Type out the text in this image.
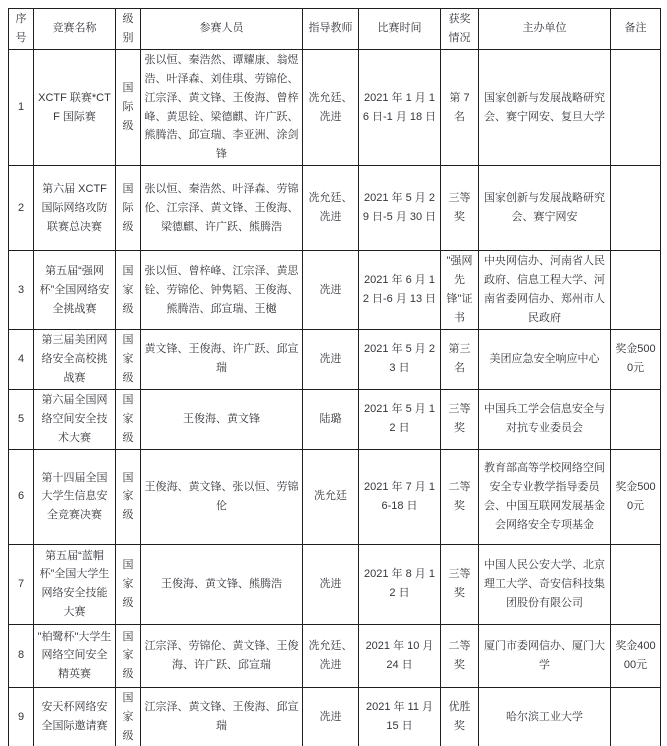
序号	竞赛名称	级别	参赛人员	指导教师	比赛时间	获奖情况	主办单位	备注
1	XCTF 联赛*CTF 国际赛	国际级	张以恒、秦浩然、谭耀康、翁煜浩、叶泽森、刘佳琪、劳锦伦、江宗泽、黄文锋、王俊海、曾梓峰、黄思铨、梁德麒、许广跃、熊腾浩、邱宣瑞、李亚洲、涂剑锋	冼允廷、冼进	2021 年 1 月 16 日-1 月 18 日	第 7 名	国家创新与发展战略研究会、赛宁网安、复旦大学	
2	第六届 XCTF 国际网络攻防联赛总决赛	国际级	张以恒、秦浩然、叶泽森、劳锦伦、江宗泽、黄文锋、王俊海、梁德麒、许广跃、熊腾浩	冼允廷、冼进	2021 年 5 月 29 日-5 月 30 日	三等奖	国家创新与发展战略研究会、赛宁网安	
3	第五届“强网杯”全国网络安全挑战赛	国家级	张以恒、曾梓峰、江宗泽、黄思铨、劳锦伦、钟隽韬、王俊海、熊腾浩、邱宣瑞、王樾	冼进	2021 年 6 月 12 日-6 月 13 日	"强网先锋"证书	中央网信办、河南省人民政府、信息工程大学、河南省委网信办、郑州市人民政府	
4	第三届美团网络安全高校挑战赛	国家级	黄文锋、王俊海、许广跃、邱宣瑞	冼进	2021 年 5 月 23 日	第三名	美团应急安全响应中心	奖金5000元
5	第六届全国网络空间安全技术大赛	国家级	王俊海、黄文锋	陆璐	2021 年 5 月 12 日	三等奖	中国兵工学会信息安全与对抗专业委员会	
6	第十四届全国大学生信息安全竞赛决赛	国家级	王俊海、黄文锋、张以恒、劳锦伦	冼允廷	2021 年 7 月 16-18 日	二等奖	教育部高等学校网络空间安全专业教学指导委员会、中国互联网发展基金会网络安全专项基金	奖金5000元
7	第五届“蓝帽杯”全国大学生网络安全技能大赛	国家级	王俊海、黄文锋、熊腾浩	冼进	2021 年 8 月 12 日	三等奖	中国人民公安大学、北京理工大学、奇安信科技集团股份有限公司	
8	"柏鹭杯"大学生网络空间安全精英赛	国家级	江宗泽、劳锦伦、黄文锋、王俊海、许广跃、邱宣瑞	冼允廷、冼进	2021 年 10 月 24 日	二等奖	厦门市委网信办、厦门大学	奖金40000元
9	安天杯网络安全国际邀请赛	国家级	江宗泽、黄文锋、王俊海、邱宣瑞	冼进	2021 年 11 月 15 日	优胜奖	哈尔滨工业大学	
